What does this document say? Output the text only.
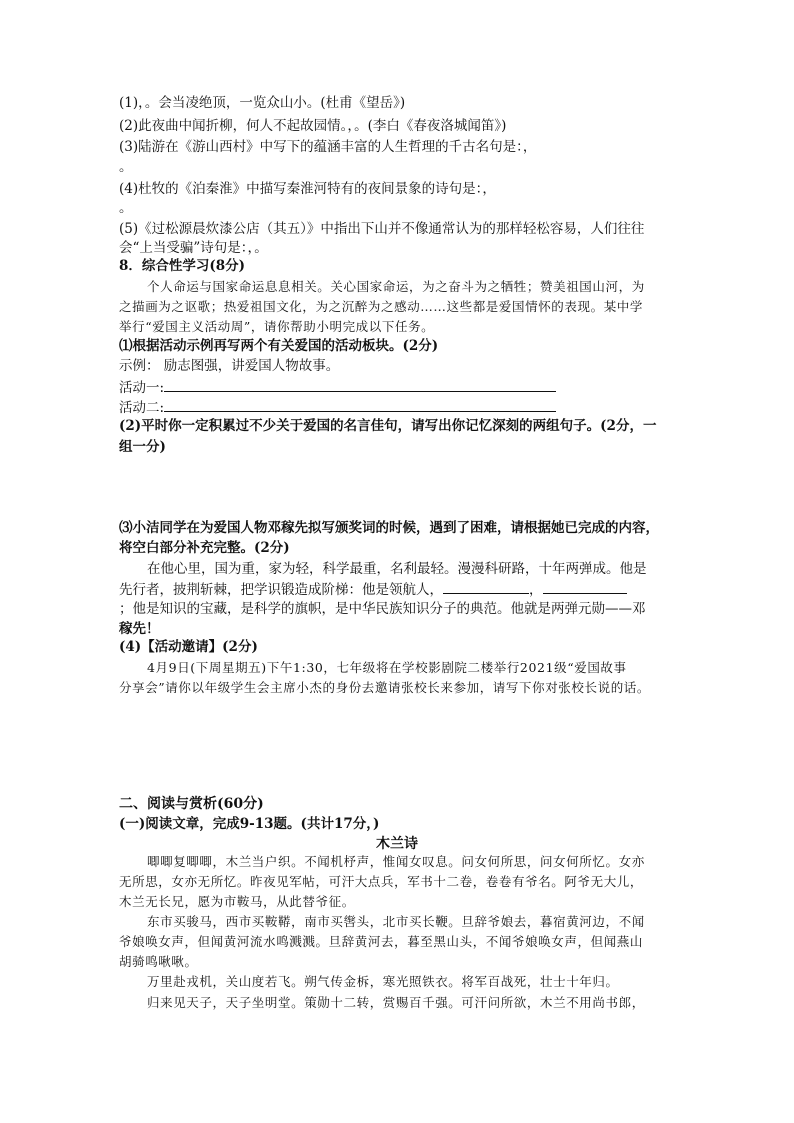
(1)，。会当凌绝顶，一览众山小。(杜甫《望岳》)
(2)此夜曲中闻折柳，何人不起故园情。，。(李白《春夜洛城闻笛》)
(3)陆游在《游山西村》中写下的蕴涵丰富的人生哲理的千古名句是：，
。
(4)杜牧的《泊秦淮》中描写秦淮河特有的夜间景象的诗句是：，
。
(5)《过松源晨炊漆公店（其五）》中指出下山并不像通常认为的那样轻松容易，人们往往
会“上当受骗”诗句是：，。
8．综合性学习(8分)
个人命运与国家命运息息相关。关心国家命运，为之奋斗为之牺牲；赞美祖国山河，为
之描画为之讴歌；热爱祖国文化，为之沉醉为之感动……这些都是爱国情怀的表现。某中学
举行“爱国主义活动周”，请你帮助小明完成以下任务。
⑴根据活动示例再写两个有关爱国的活动板块。(2分)
示例： 励志图强，讲爱国人物故事。
活动一:
活动二:
(2)平时你一定积累过不少关于爱国的名言佳句，请写出你记忆深刻的两组句子。(2分，一
组一分)
⑶小洁同学在为爱国人物邓稼先拟写颁奖词的时候，遇到了困难，请根据她已完成的内容，
将空白部分补充完整。(2分)
在他心里，国为重，家为轻，科学最重，名利最轻。漫漫科研路，十年两弹成。他是
先行者，披荆斩棘，把学识锻造成阶梯：他是领航人，	，
；他是知识的宝藏，是科学的旗帜，是中华民族知识分子的典范。他就是两弹元勋——邓
稼先！
(4)【活动邀请】(2分)
4月9日(下周星期五)下午1:30，七年级将在学校影剧院二楼举行2021级“爱国故事
分享会”请你以年级学生会主席小杰的身份去邀请张校长来参加，请写下你对张校长说的话。
二、阅读与赏析(60分)
(一)阅读文章，完成9-13题。(共计17分，)
木兰诗
唧唧复唧唧，木兰当户织。不闻机杼声，惟闻女叹息。问女何所思，问女何所忆。女亦
无所思，女亦无所忆。昨夜见军帖，可汗大点兵，军书十二卷，卷卷有爷名。阿爷无大儿，
木兰无长兄，愿为市鞍马，从此替爷征。
东市买骏马，西市买鞍鞯，南市买辔头，北市买长鞭。旦辞爷娘去，暮宿黄河边，不闻
爷娘唤女声，但闻黄河流水鸣溅溅。旦辞黄河去，暮至黑山头，不闻爷娘唤女声，但闻燕山
胡骑鸣啾啾。
万里赴戎机，关山度若飞。朔气传金柝，寒光照铁衣。将军百战死，壮士十年归。
归来见天子，天子坐明堂。策勋十二转，赏赐百千强。可汗问所欲，木兰不用尚书郎，
